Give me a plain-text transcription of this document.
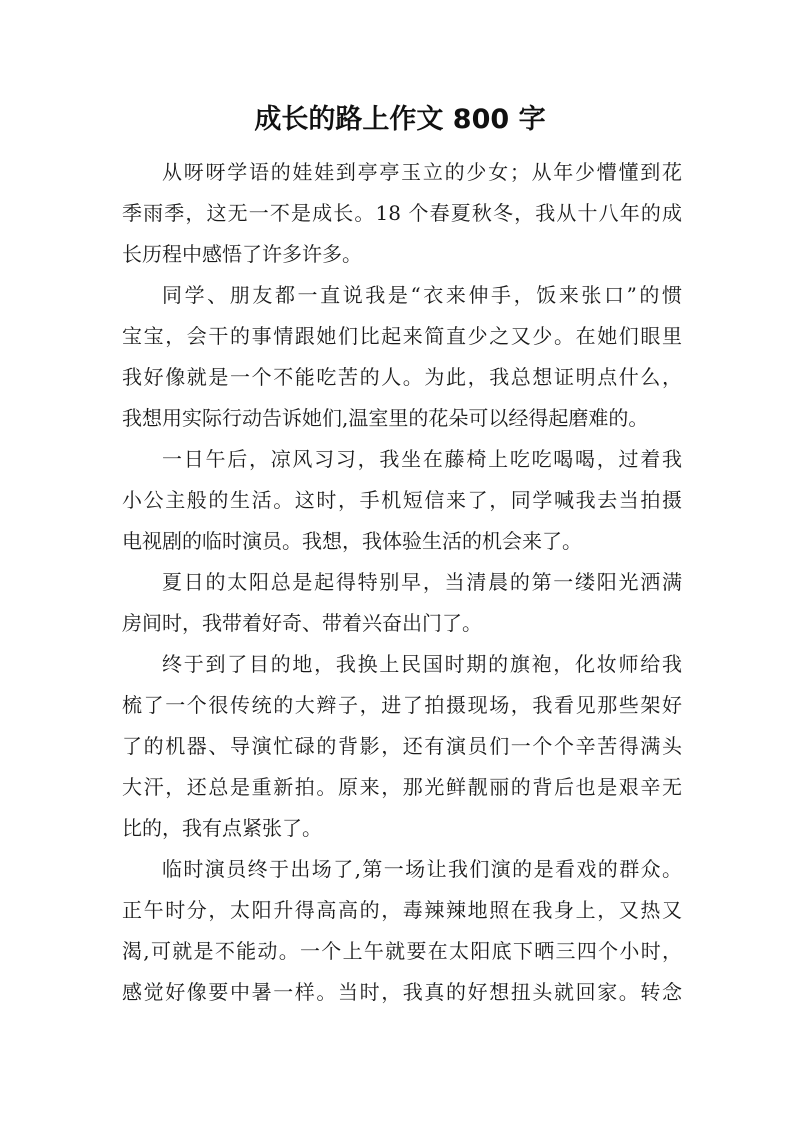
成长的路上作文 800 字
从呀呀学语的娃娃到亭亭玉立的少女；从年少懵懂到花
季雨季，这无一不是成长。18 个春夏秋冬，我从十八年的成
长历程中感悟了许多许多。
同学、朋友都一直说我是“衣来伸手，饭来张口”的惯
宝宝，会干的事情跟她们比起来简直少之又少。在她们眼里
我好像就是一个不能吃苦的人。为此，我总想证明点什么，
我想用实际行动告诉她们,温室里的花朵可以经得起磨难的。
一日午后，凉风习习，我坐在藤椅上吃吃喝喝，过着我
小公主般的生活。这时，手机短信来了，同学喊我去当拍摄
电视剧的临时演员。我想，我体验生活的机会来了。
夏日的太阳总是起得特别早，当清晨的第一缕阳光洒满
房间时，我带着好奇、带着兴奋出门了。
终于到了目的地，我换上民国时期的旗袍，化妆师给我
梳了一个很传统的大辫子，进了拍摄现场，我看见那些架好
了的机器、导演忙碌的背影，还有演员们一个个辛苦得满头
大汗，还总是重新拍。原来，那光鲜靓丽的背后也是艰辛无
比的，我有点紧张了。
临时演员终于出场了,第一场让我们演的是看戏的群众。
正午时分，太阳升得高高的，毒辣辣地照在我身上，又热又
渴,可就是不能动。一个上午就要在太阳底下晒三四个小时，
感觉好像要中暑一样。当时，我真的好想扭头就回家。转念
